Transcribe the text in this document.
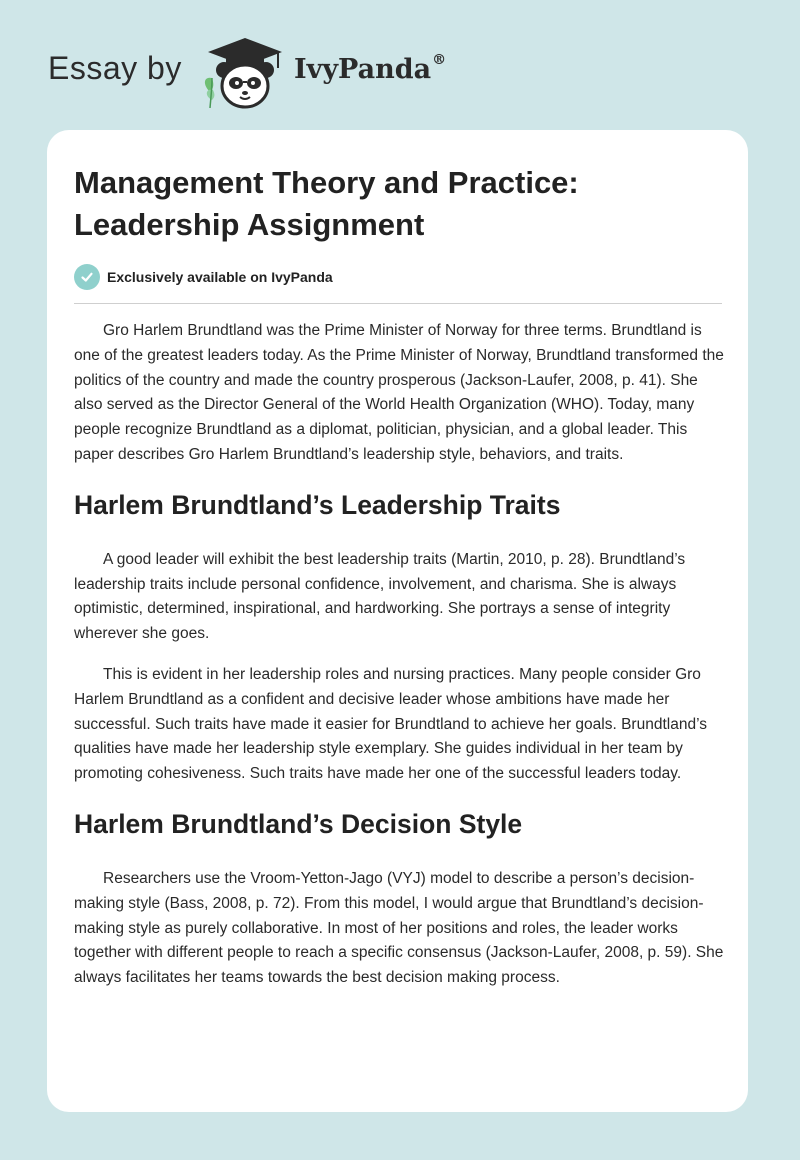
Essay by	IvyPanda®
Management Theory and Practice: Leadership Assignment
Exclusively available on IvyPanda

Gro Harlem Brundtland was the Prime Minister of Norway for three terms. Brundtland is one of the greatest leaders today. As the Prime Minister of Norway, Brundtland transformed the politics of the country and made the country prosperous (Jackson-Laufer, 2008, p. 41). She also served as the Director General of the World Health Organization (WHO). Today, many people recognize Brundtland as a diplomat, politician, physician, and a global leader. This paper describes Gro Harlem Brundtland’s leadership style, behaviors, and traits.

Harlem Brundtland’s Leadership Traits

A good leader will exhibit the best leadership traits (Martin, 2010, p. 28). Brundtland’s leadership traits include personal confidence, involvement, and charisma. She is always optimistic, determined, inspirational, and hardworking. She portrays a sense of integrity wherever she goes.

This is evident in her leadership roles and nursing practices. Many people consider Gro Harlem Brundtland as a confident and decisive leader whose ambitions have made her successful. Such traits have made it easier for Brundtland to achieve her goals. Brundtland’s qualities have made her leadership style exemplary. She guides individual in her team by promoting cohesiveness. Such traits have made her one of the successful leaders today.

Harlem Brundtland’s Decision Style

Researchers use the Vroom-Yetton-Jago (VYJ) model to describe a person’s decision-making style (Bass, 2008, p. 72). From this model, I would argue that Brundtland’s decision-making style as purely collaborative. In most of her positions and roles, the leader works together with different people to reach a specific consensus (Jackson-Laufer, 2008, p. 59). She always facilitates her teams towards the best decision making process.
